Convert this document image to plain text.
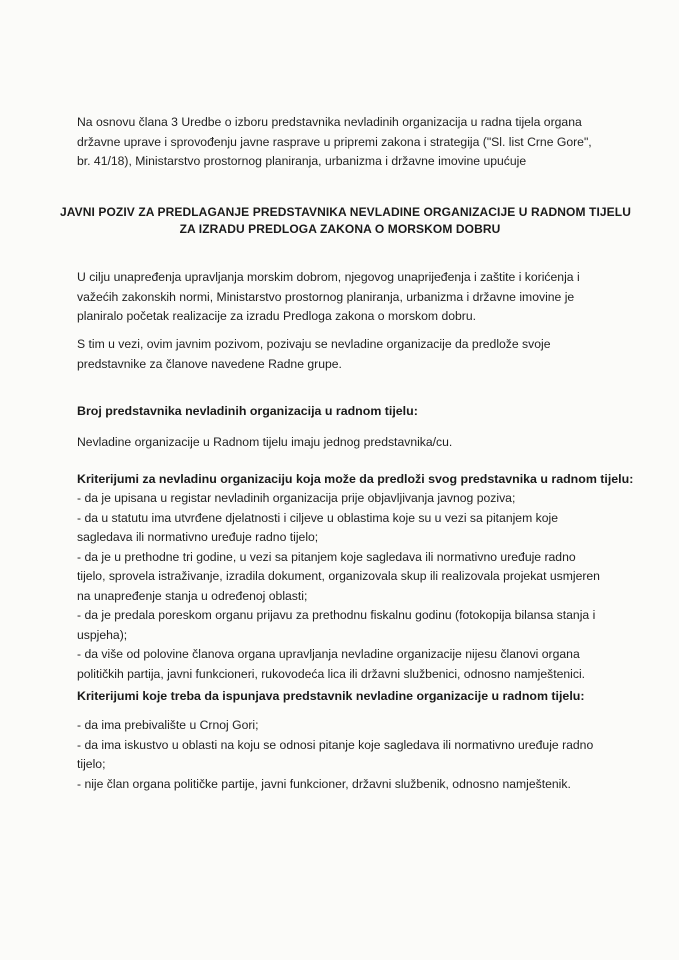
Na osnovu člana 3 Uredbe o izboru predstavnika nevladinih organizacija u radna tijela organa
državne uprave i sprovođenju javne rasprave u pripremi zakona i strategija ("Sl. list Crne Gore",
br. 41/18), Ministarstvo prostornog planiranja, urbanizma i državne imovine upućuje
JAVNI POZIV ZA PREDLAGANJE PREDSTAVNIKA NEVLADINE ORGANIZACIJE U RADNOM TIJELU
ZA IZRADU PREDLOGA ZAKONA O MORSKOM DOBRU
U cilju unapređenja upravljanja morskim dobrom, njegovog unaprijeđenja i zaštite i korićenja i
važećih zakonskih normi, Ministarstvo prostornog planiranja, urbanizma i državne imovine je
planiralo početak realizacije za izradu Predloga zakona o morskom dobru.
S tim u vezi, ovim javnim pozivom, pozivaju se nevladine organizacije da predlože svoje
predstavnike za članove navedene Radne grupe.
Broj predstavnika nevladinih organizacija u radnom tijelu:
Nevladine organizacije u Radnom tijelu imaju jednog predstavnika/cu.
Kriterijumi za nevladinu organizaciju koja može da predloži svog predstavnika u radnom tijelu:
- da je upisana u registar nevladinih organizacija prije objavljivanja javnog poziva;
- da u statutu ima utvrđene djelatnosti i ciljeve u oblastima koje su u vezi sa pitanjem koje sagledava ili normativno uređuje radno tijelo;
- da je u prethodne tri godine, u vezi sa pitanjem koje sagledava ili normativno uređuje radno tijelo, sprovela istraživanje, izradila dokument, organizovala skup ili realizovala projekat usmjeren na unapređenje stanja u određenoj oblasti;
- da je predala poreskom organu prijavu za prethodnu fiskalnu godinu (fotokopija bilansa stanja i uspjeha);
- da više od polovine članova organa upravljanja nevladine organizacije nijesu članovi organa političkih partija, javni funkcioneri, rukovodeća lica ili državni službenici, odnosno namještenici.
Kriterijumi koje treba da ispunjava predstavnik nevladine organizacije u radnom tijelu:
- da ima prebivalište u Crnoj Gori;
- da ima iskustvo u oblasti na koju se odnosi pitanje koje sagledava ili normativno uređuje radno tijelo;
- nije član organa političke partije, javni funkcioner, državni službenik, odnosno namještenik.
